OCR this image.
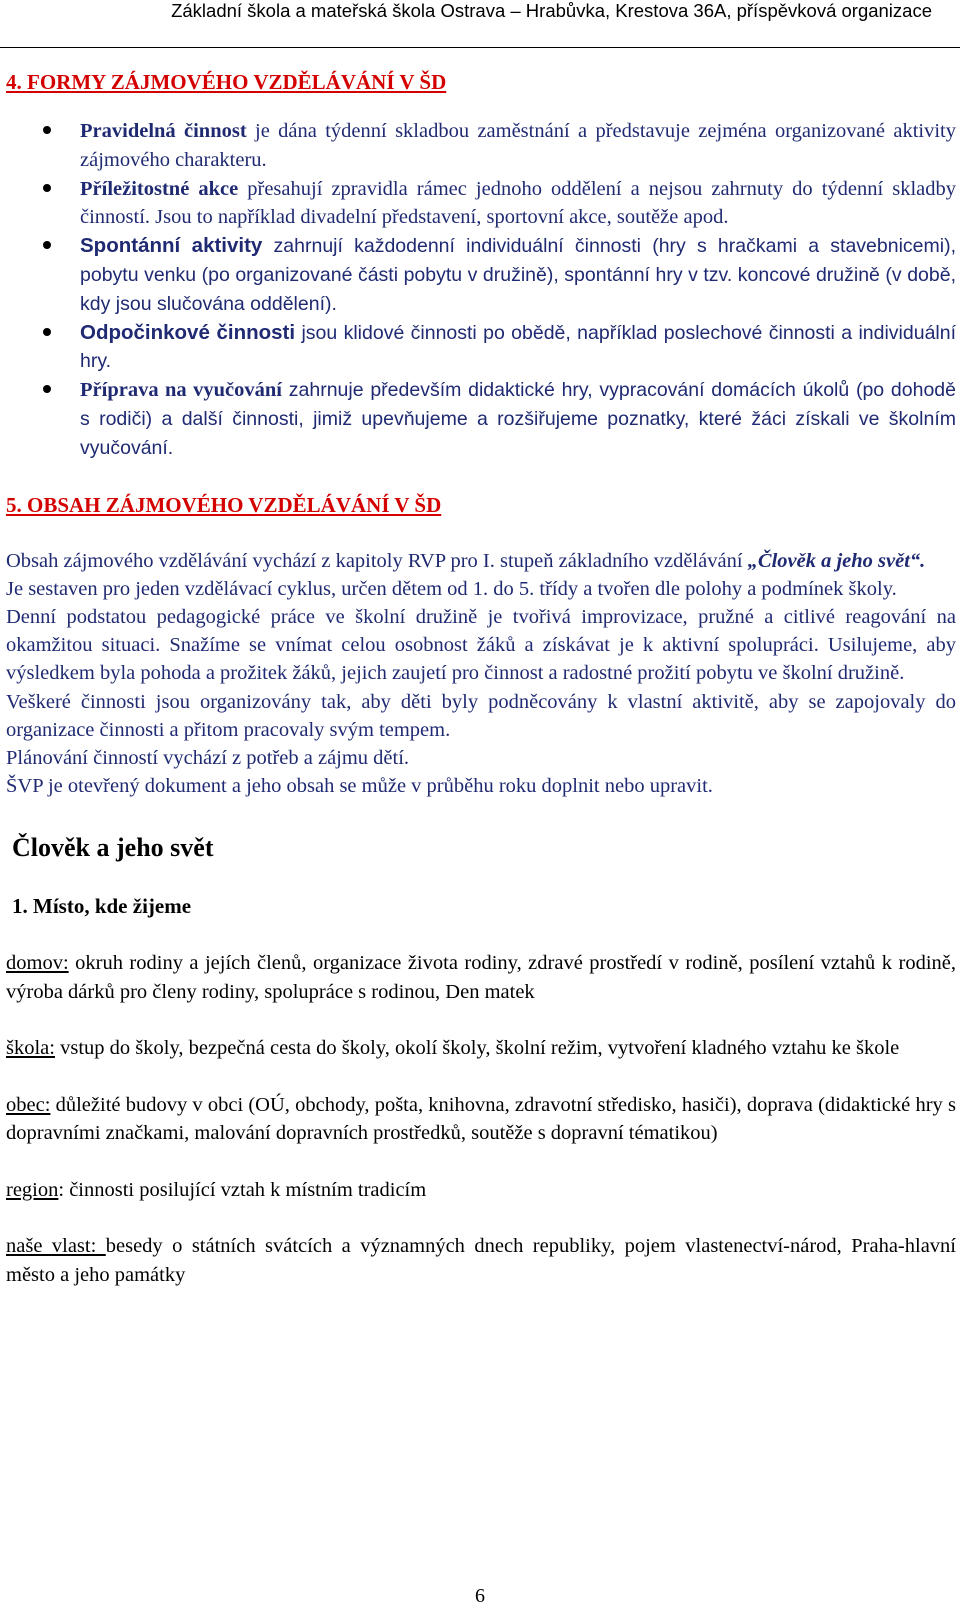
Základní škola a mateřská škola Ostrava – Hrabůvka, Krestova 36A, příspěvková organizace
4. FORMY ZÁJMOVÉHO VZDĚLÁVÁNÍ V ŠD
Pravidelná činnost je dána týdenní skladbou zaměstnání a představuje zejména organizované aktivity zájmového charakteru.
Příležitostné akce přesahují zpravidla rámec jednoho oddělení a nejsou zahrnuty do týdenní skladby činností. Jsou to například divadelní představení, sportovní akce, soutěže apod.
Spontánní aktivity zahrnují každodenní individuální činnosti (hry s hračkami a stavebnicemi), pobytu venku (po organizované části pobytu v družině), spontánní hry v tzv. koncové družině (v době, kdy jsou slučována oddělení).
Odpočinkové činnosti jsou klidové činnosti po obědě, například poslechové činnosti a individuální hry.
Příprava na vyučování zahrnuje především didaktické hry, vypracování domácích úkolů (po dohodě s rodiči) a další činnosti, jimiž upevňujeme a rozšiřujeme poznatky, které žáci získali ve školním vyučování.
5. OBSAH ZÁJMOVÉHO VZDĚLÁVÁNÍ V ŠD

Obsah zájmového vzdělávání vychází z kapitoly RVP pro I. stupeň základního vzdělávání „Člověk a jeho svět“.

Je sestaven pro jeden vzdělávací cyklus, určen dětem od 1. do 5. třídy a tvořen dle polohy a podmínek školy.

Denní podstatou pedagogické práce ve školní družině je tvořivá improvizace, pružné a citlivé reagování na okamžitou situaci. Snažíme se vnímat celou osobnost žáků a získávat je k aktivní spolupráci. Usilujeme, aby výsledkem byla pohoda a prožitek žáků, jejich zaujetí pro činnost a radostné prožití pobytu ve školní družině.

Veškeré činnosti jsou organizovány tak, aby děti byly podněcovány k vlastní aktivitě, aby se zapojovaly do organizace činnosti a přitom pracovaly svým tempem.

Plánování činností vychází z potřeb a zájmu dětí.

ŠVP je otevřený dokument a jeho obsah se může v průběhu roku doplnit nebo upravit.

Člověk a jeho svět
1. Místo, kde žijeme

domov: okruh rodiny a jejích členů, organizace života rodiny, zdravé prostředí v rodině, posílení vztahů k rodině, výroba dárků pro členy rodiny, spolupráce s rodinou, Den matek

škola: vstup do školy, bezpečná cesta do školy, okolí školy, školní režim, vytvoření kladného vztahu ke škole

obec: důležité budovy v obci (OÚ, obchody, pošta, knihovna, zdravotní středisko, hasiči), doprava (didaktické hry s dopravními značkami, malování dopravních prostředků, soutěže s dopravní tématikou)

region: činnosti posilující vztah k místním tradicím

naše vlast: besedy o státních svátcích a významných dnech republiky, pojem vlastenectví-národ, Praha-hlavní město a jeho památky

6
